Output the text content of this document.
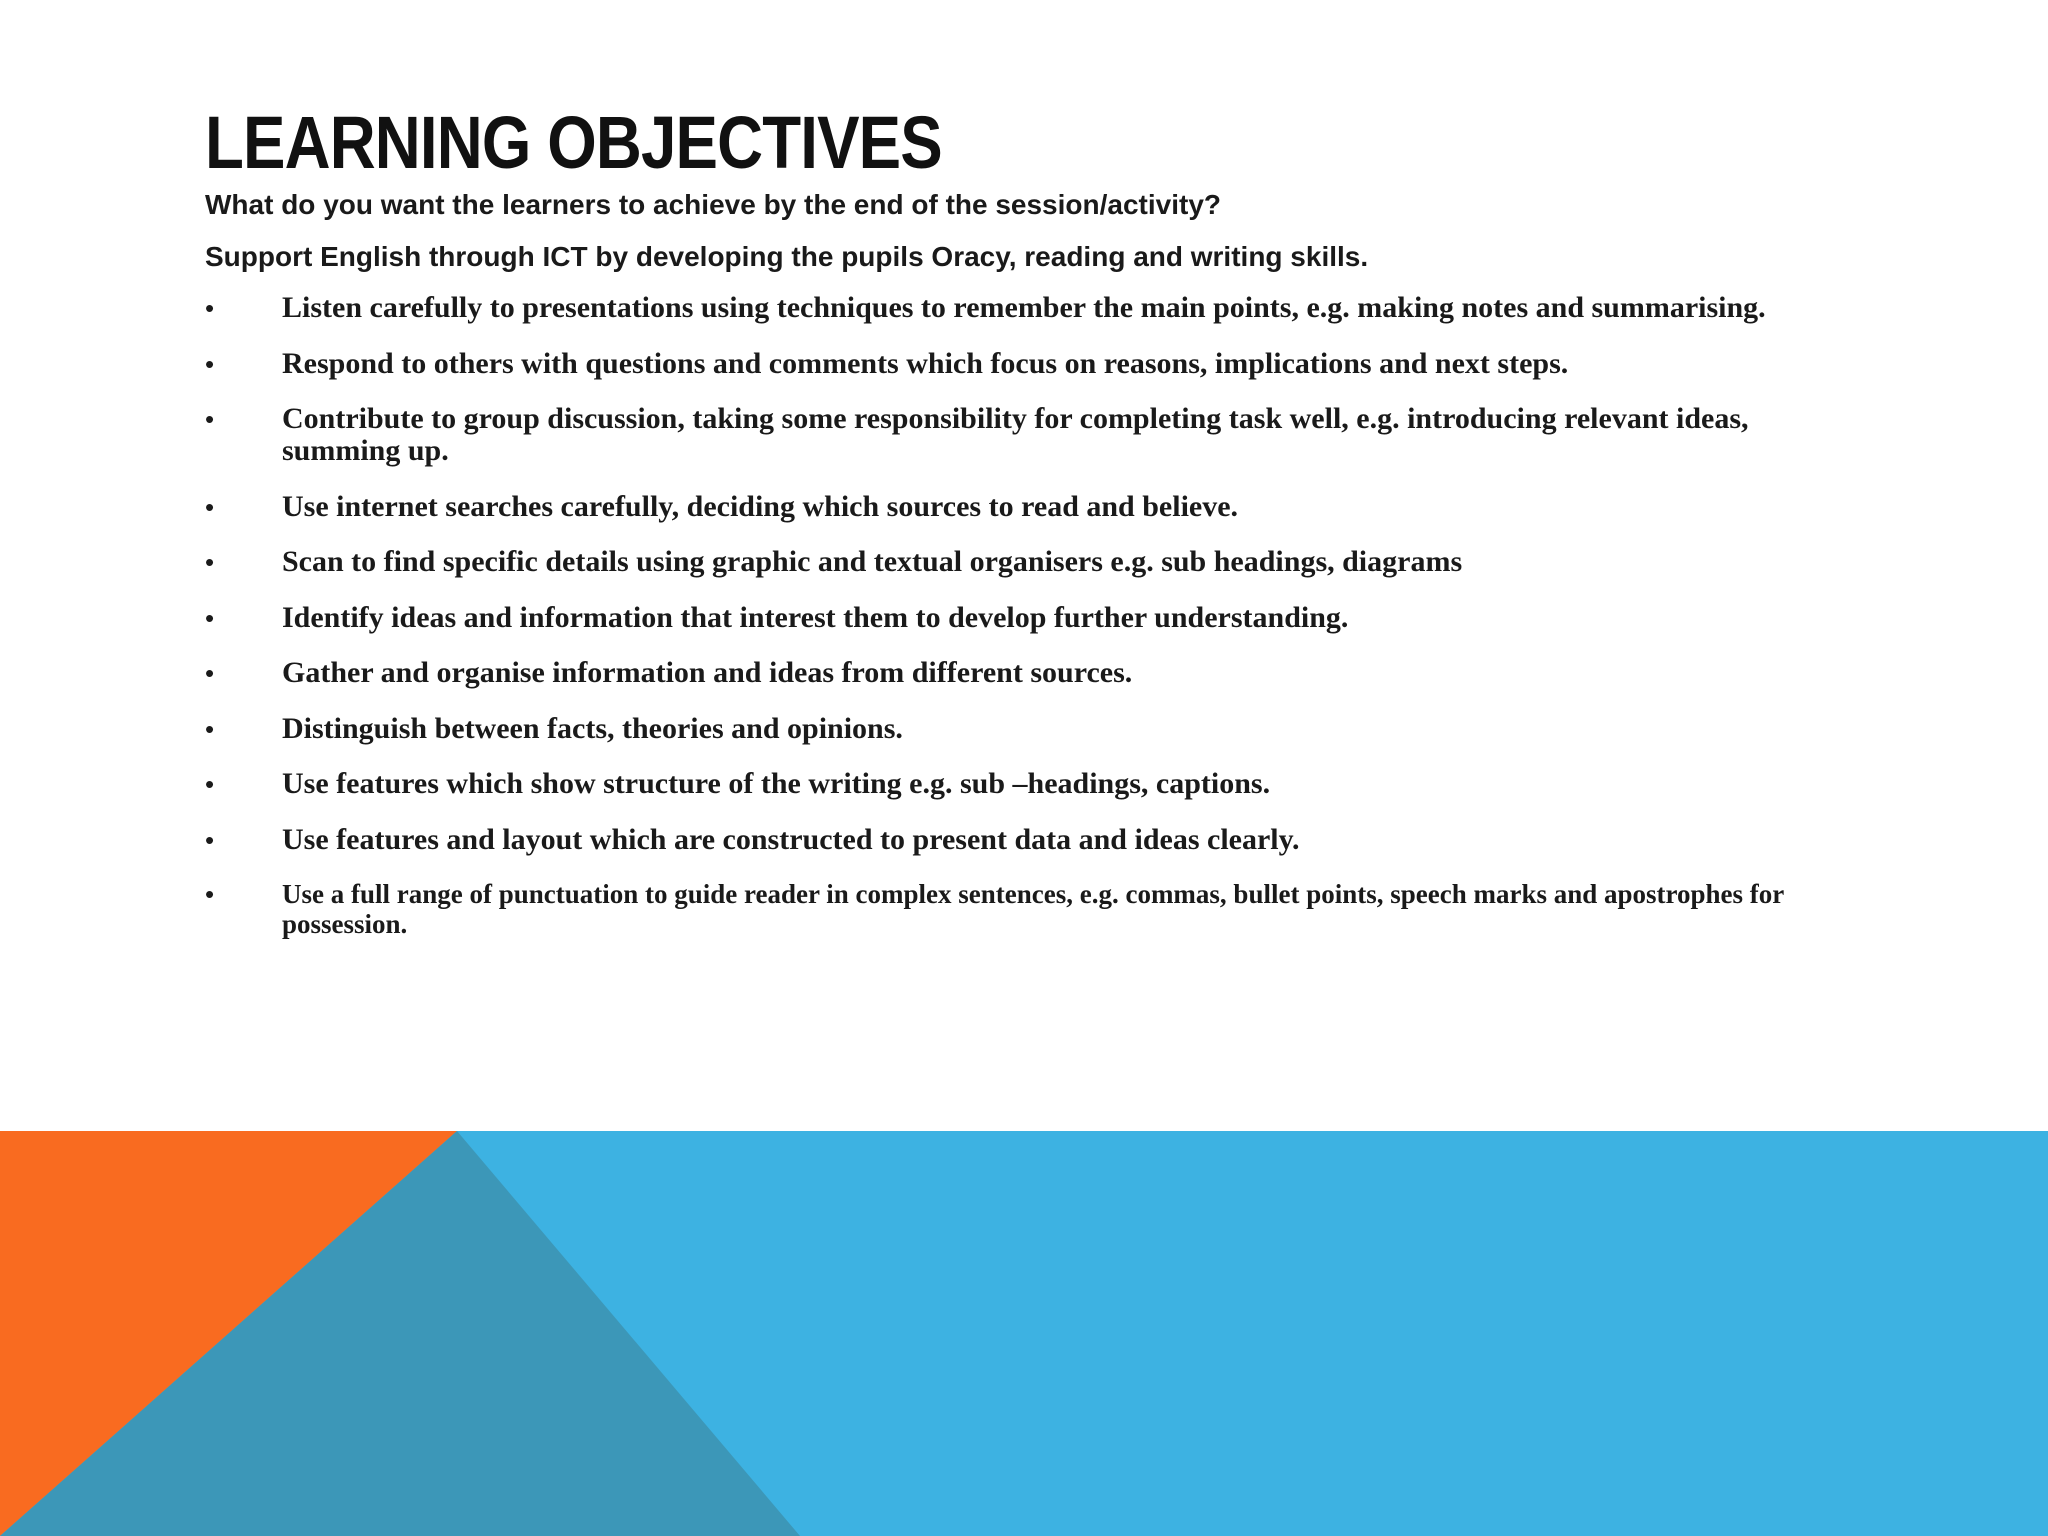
LEARNING OBJECTIVES

What do you want the learners to achieve by the end of the session/activity?

Support English through ICT by developing the pupils Oracy, reading and writing skills.

• Listen carefully to presentations using techniques to remember the main points, e.g. making notes and summarising.
• Respond to others with questions and comments which focus on reasons, implications and next steps.
• Contribute to group discussion, taking some responsibility for completing task well, e.g. introducing relevant ideas, summing up.
• Use internet searches carefully, deciding which sources to read and believe.
• Scan to find specific details using graphic and textual organisers e.g. sub headings, diagrams
• Identify ideas and information that interest them to develop further understanding.
• Gather and organise information and ideas from different sources.
• Distinguish between facts, theories and opinions.
• Use features which show structure of the writing e.g. sub –headings, captions.
• Use features and layout which are constructed to present data and ideas clearly.
•	Use a full range of punctuation to guide reader in complex sentences, e.g. commas, bullet points, speech marks and apostrophes for possession.
